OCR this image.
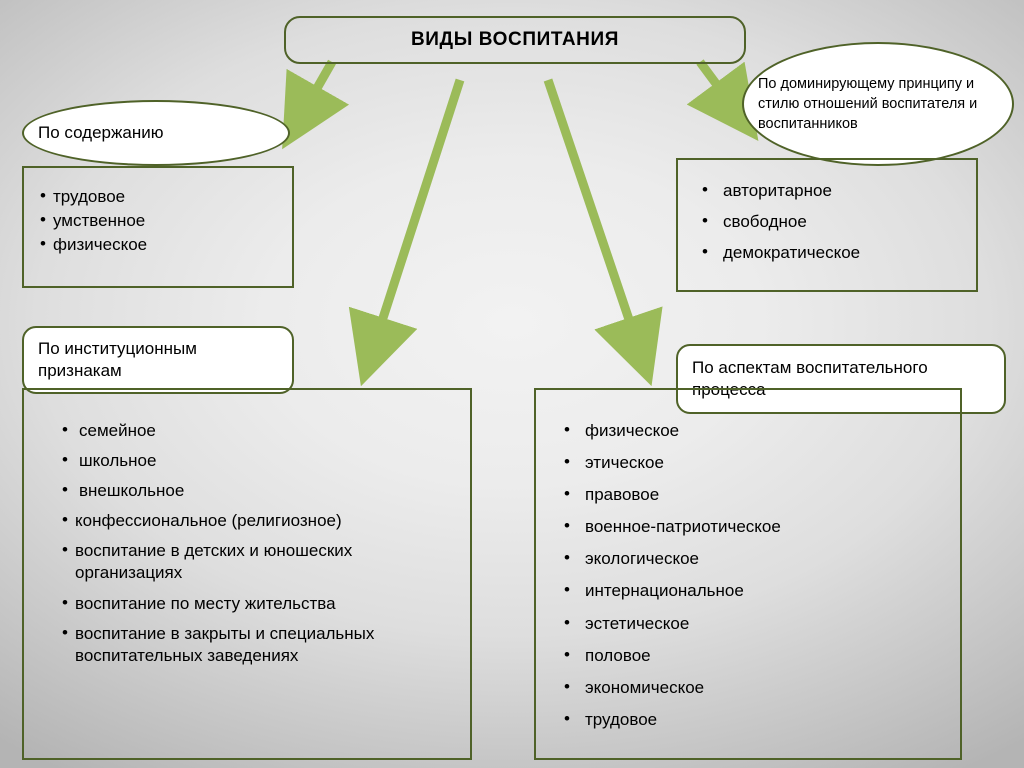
ВИДЫ ВОСПИТАНИЯ
По содержанию
• трудовое
• умственное
• физическое
По доминирующему принципу и стилю отношений воспитателя и воспитанников
• авторитарное
• свободное
• демократическое
По институционным признакам
• семейное
• школьное
• внешкольное
• конфессиональное (религиозное)
• воспитание в детских и юношеских организациях
• воспитание по месту жительства
• воспитание в закрыты и специальных воспитательных заведениях
По аспектам воспитательного процесса
• физическое
• этическое
• правовое
• военное-патриотическое
• экологическое
• интернациональное
• эстетическое
• половое
• экономическое
• трудовое
